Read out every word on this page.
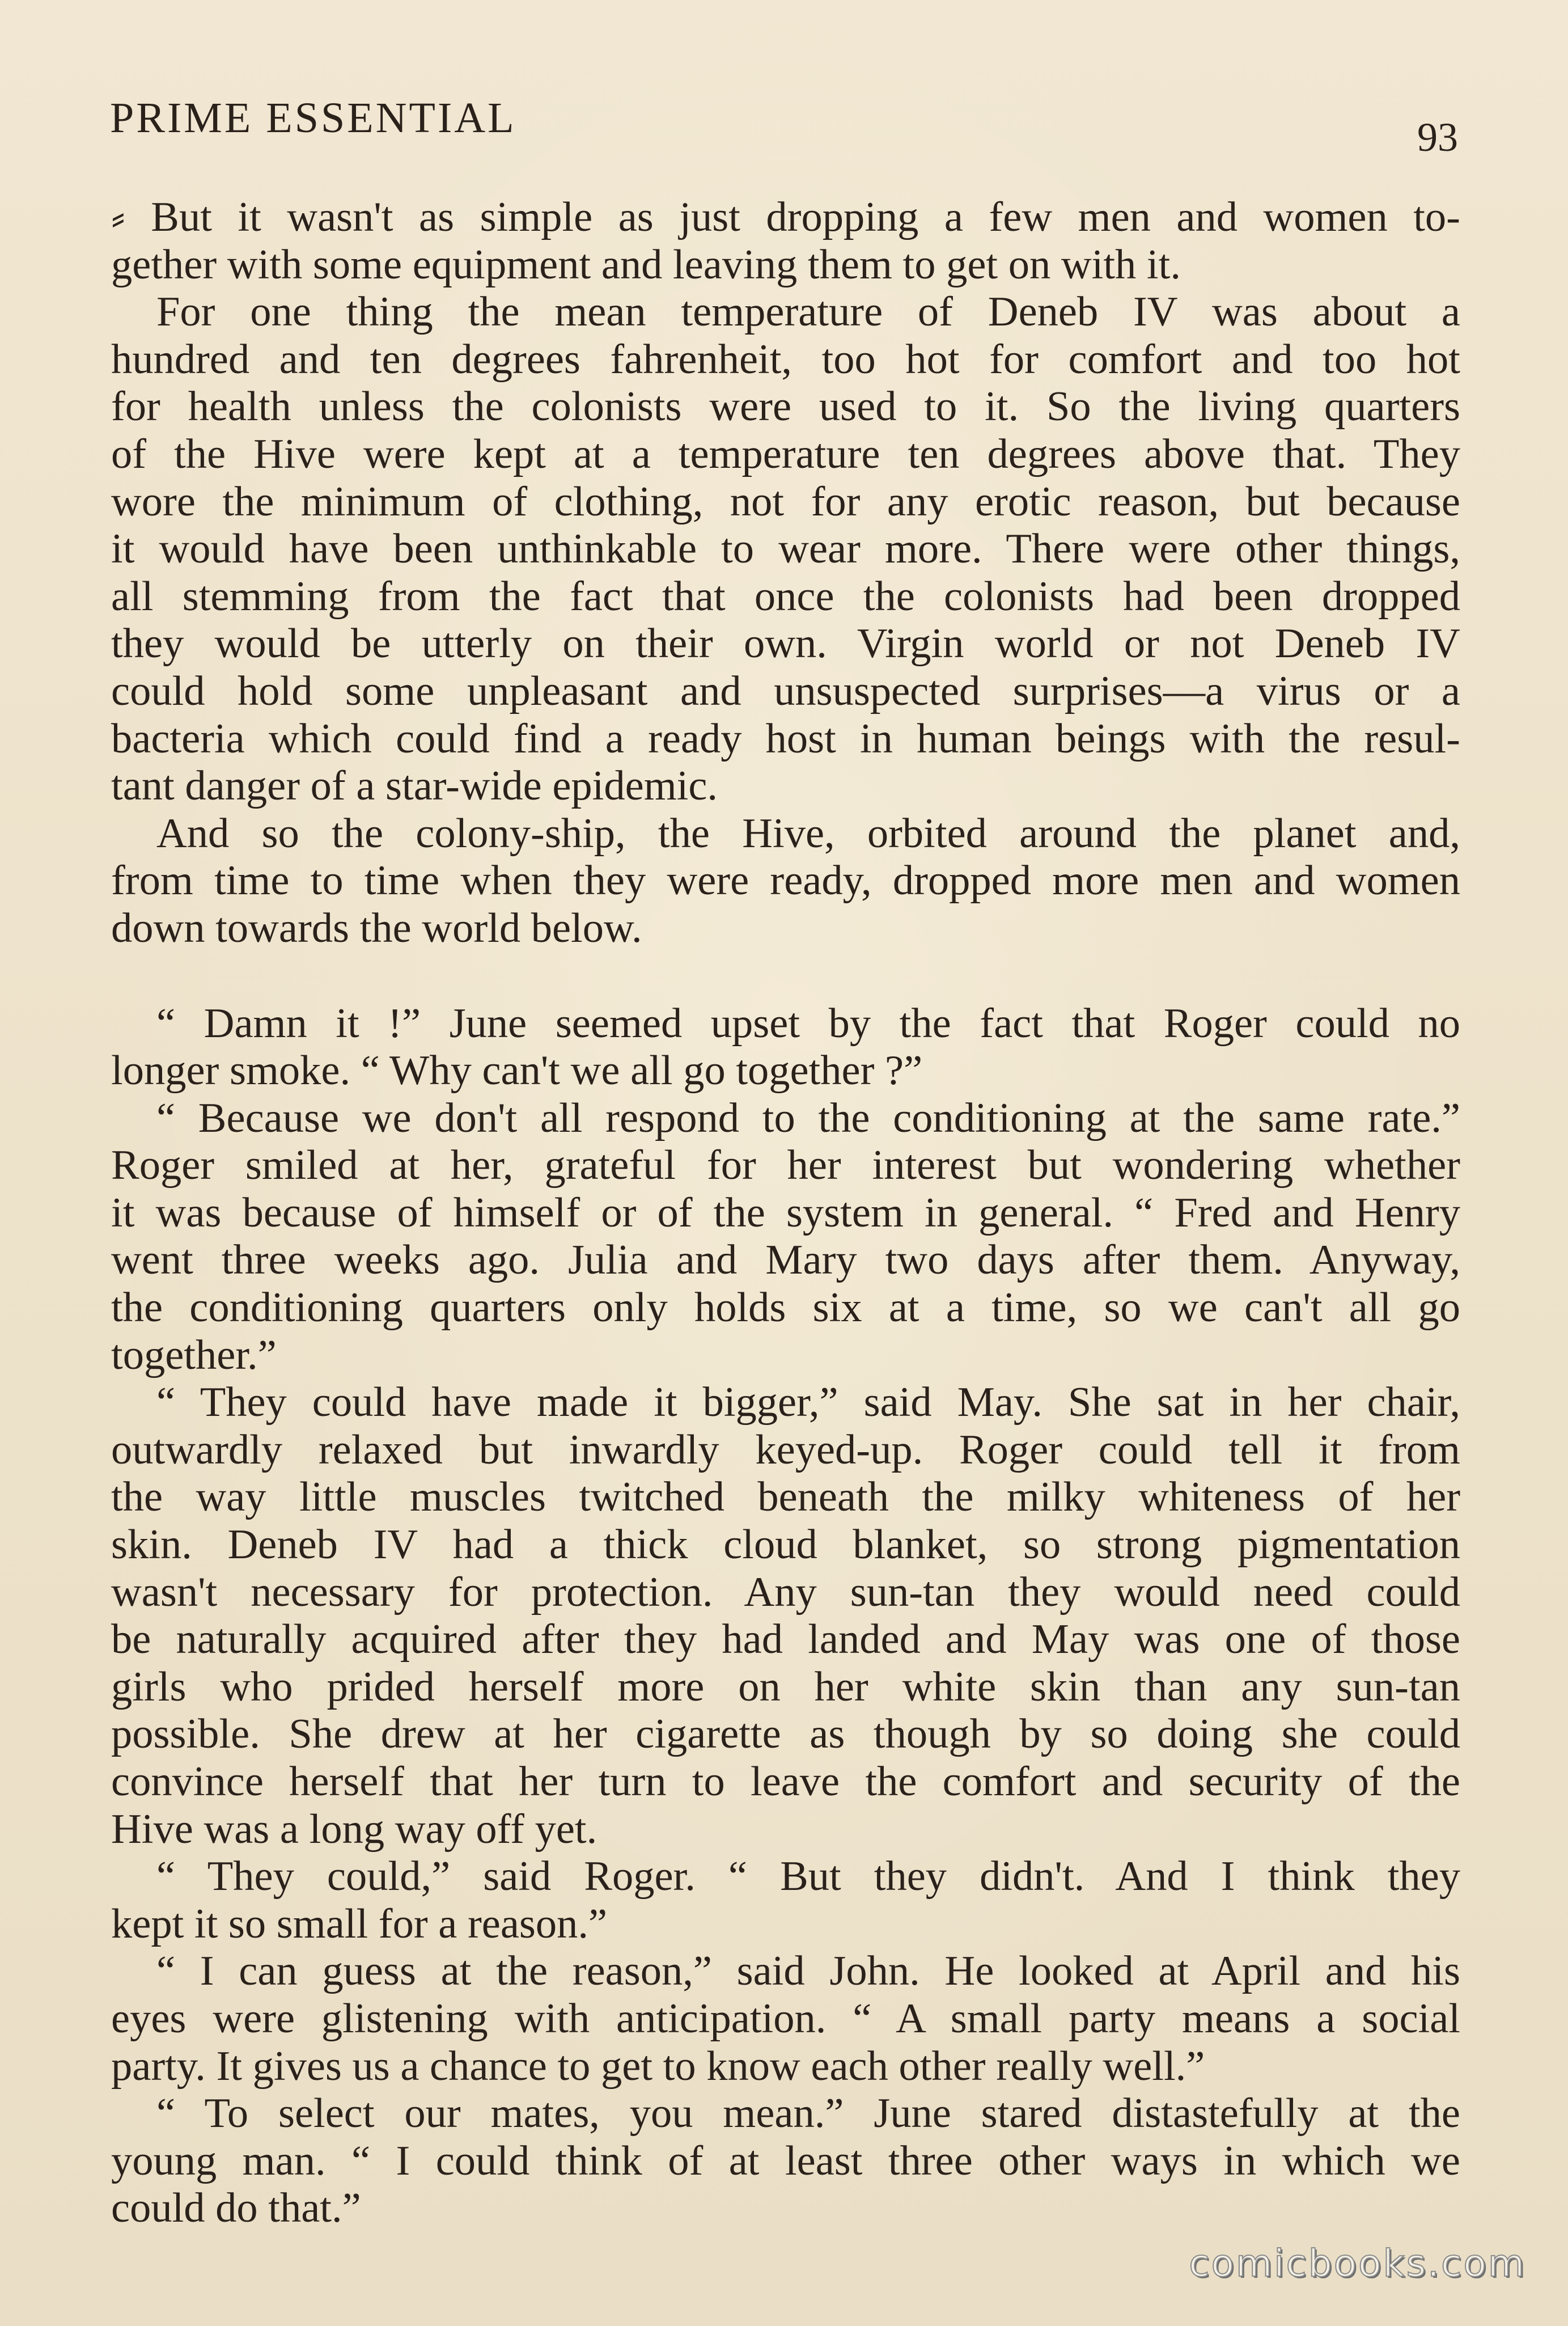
PRIME ESSENTIAL	93
⸗ But it wasn't as simple as just dropping a few men and women to-
gether with some equipment and leaving them to get on with it.
For one thing the mean temperature of Deneb IV was about a
hundred and ten degrees fahrenheit, too hot for comfort and too hot
for health unless the colonists were used to it. So the living quarters
of the Hive were kept at a temperature ten degrees above that. They
wore the minimum of clothing, not for any erotic reason, but because
it would have been unthinkable to wear more. There were other things,
all stemming from the fact that once the colonists had been dropped
they would be utterly on their own. Virgin world or not Deneb IV
could hold some unpleasant and unsuspected surprises—a virus or a
bacteria which could find a ready host in human beings with the resul-
tant danger of a star-wide epidemic.
And so the colony-ship, the Hive, orbited around the planet and,
from time to time when they were ready, dropped more men and women
down towards the world below.
“ Damn it !” June seemed upset by the fact that Roger could no
longer smoke. “ Why can't we all go together ?”
“ Because we don't all respond to the conditioning at the same rate.”
Roger smiled at her, grateful for her interest but wondering whether
it was because of himself or of the system in general. “ Fred and Henry
went three weeks ago. Julia and Mary two days after them. Anyway,
the conditioning quarters only holds six at a time, so we can't all go
together.”
“ They could have made it bigger,” said May. She sat in her chair,
outwardly relaxed but inwardly keyed-up. Roger could tell it from
the way little muscles twitched beneath the milky whiteness of her
skin. Deneb IV had a thick cloud blanket, so strong pigmentation
wasn't necessary for protection. Any sun-tan they would need could
be naturally acquired after they had landed and May was one of those
girls who prided herself more on her white skin than any sun-tan
possible. She drew at her cigarette as though by so doing she could
convince herself that her turn to leave the comfort and security of the
Hive was a long way off yet.
“ They could,” said Roger. “ But they didn't. And I think they
kept it so small for a reason.”
“ I can guess at the reason,” said John. He looked at April and his
eyes were glistening with anticipation. “ A small party means a social
party. It gives us a chance to get to know each other really well.”
“ To select our mates, you mean.” June stared distastefully at the
young man. “ I could think of at least three other ways in which we
could do that.”
comicbooks.com
